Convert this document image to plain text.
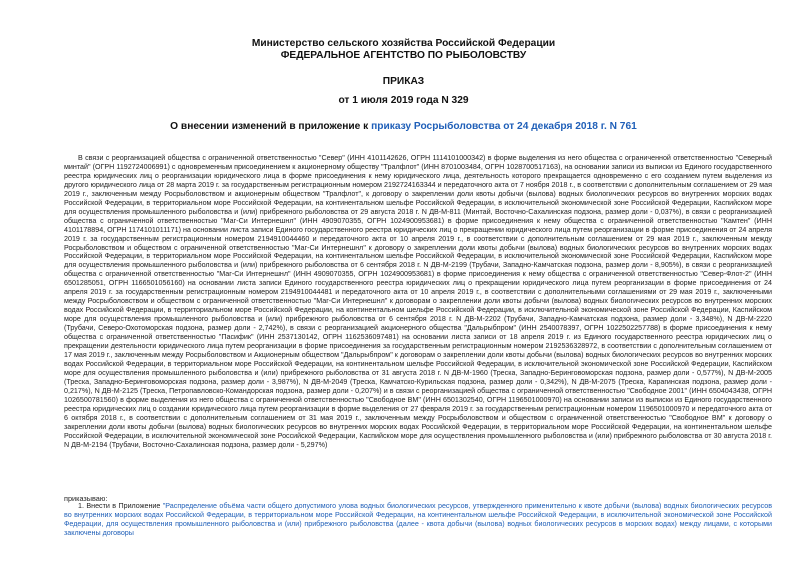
Министерство сельского хозяйства Российской Федерации
ФЕДЕРАЛЬНОЕ АГЕНТСТВО ПО РЫБОЛОВСТВУ
ПРИКАЗ
от 1 июля 2019 года N 329
О внесении изменений в приложение к приказу Росрыболовства от 24 декабря 2018 г. N 761
В связи с реорганизацией общества с ограниченной ответственностью "Север" (ИНН 4101142626, ОГРН 1114101000342) в форме выделения из него общества с ограниченной ответственностью "Северный минтай" (ОГРН 1192724006991) с одновременным присоединением к акционерному обществу "Тралфлот" (ИНН 8701003484, ОГРН 1028700517163), на основании записи из выписки из Единого государственного реестра юридических лиц о реорганизации юридического лица в форме присоединения к нему юридического лица, деятельность которого прекращается одновременно с его созданием путем выделения из другого юридического лица от 28 марта 2019 г. за государственным регистрационным номером 2192724163344 и передаточного акта от 7 ноября 2018 г., в соответствии с дополнительным соглашением от 29 мая 2019 г., заключенным между Росрыболовством и акционерным обществом "Тралфлот", к договору о закреплении доли квоты добычи (вылова) водных биологических ресурсов во внутренних морских водах Российской Федерации, в территориальном море Российской Федерации, на континентальном шельфе Российской Федерации, в исключительной экономической зоне Российской Федерации, Каспийском море для осуществления промышленного рыболовства и (или) прибрежного рыболовства от 29 августа 2018 г. N ДВ-М-811 (Минтай, Восточно-Сахалинская подзона, размер доли - 0,037%), в связи с реорганизацией общества с ограниченной ответственностью "Маг-Си Интернешнл" (ИНН 4909070355, ОГРН 1024900953681) в форме присоединения к нему общества с ограниченной ответственностью "Камтен" (ИНН 4101178894, ОГРН 1174101011171) на основании листа записи Единого государственного реестра юридических лиц о прекращении юридического лица путем реорганизации в форме присоединения от 24 апреля 2019 г. за государственным регистрационным номером 2194910044460 и передаточного акта от 10 апреля 2019 г., в соответствии с дополнительным соглашением от 29 мая 2019 г., заключенным между Росрыболовством и обществом с ограниченной ответственностью "Маг-Си Интернешнл" к договору о закреплении доли квоты добычи (вылова) водных биологических ресурсов во внутренних морских водах Российской Федерации, в территориальном море Российской Федерации, на континентальном шельфе Российской Федерации, в исключительной экономической зоне Российской Федерации, Каспийском море для осуществления промышленного рыболовства и (или) прибрежного рыболовства от 6 сентября 2018 г. N ДВ-М-2199 (Трубачи, Западно-Камчатская подзона, размер доли - 8,905%), в связи с реорганизацией общества с ограниченной ответственностью "Маг-Си Интернешнл" (ИНН 4909070355, ОГРН 1024900953681) в форме присоединения к нему общества с ограниченной ответственностью "Север-Флот-2" (ИНН 6501285051, ОГРН 1166501056160) на основании листа записи Единого государственного реестра юридических лиц о прекращении юридического лица путем реорганизации в форме присоединения от 24 апреля 2019 г. за государственным регистрационным номером 2194910044481 и передаточного акта от 10 апреля 2019 г., в соответствии с дополнительными соглашениями от 29 мая 2019 г., заключенными между Росрыболовством и обществом с ограниченной ответственностью "Маг-Си Интернешнл" к договорам о закреплении доли квоты добычи (вылова) водных биологических ресурсов во внутренних морских водах Российской Федерации, в территориальном море Российской Федерации, на континентальном шельфе Российской Федерации, в исключительной экономической зоне Российской Федерации, Каспийском море для осуществления промышленного рыболовства и (или) прибрежного рыболовства от 6 сентября 2018 г. N ДВ-М-2202 (Трубачи, Западно-Камчатская подзона, размер доли - 3,348%), N ДВ-М-2220 (Трубачи, Северо-Охотоморская подзона, размер доли - 2,742%), в связи с реорганизацией акционерного общества "Дальрыбпром" (ИНН 2540078397, ОГРН 1022502257788) в форме присоединения к нему общества с ограниченной ответственностью "Пасифик" (ИНН 2537130142, ОГРН 1162536097481) на основании листа записи от 18 апреля 2019 г. из Единого государственного реестра юридических лиц о прекращении деятельности юридического лица путем реорганизации в форме присоединения за государственным регистрационным номером 2192536328972, в соответствии с дополнительным соглашением от 17 мая 2019 г., заключенным между Росрыболовством и Акционерным обществом "Дальрыбпром" к договорам о закреплении доли квоты добычи (вылова) водных биологических ресурсов во внутренних морских водах Российской Федерации, в территориальном море Российской Федерации, на континентальном шельфе Российской Федерации, в исключительной экономической зоне Российской Федерации, Каспийском море для осуществления промышленного рыболовства и (или) прибрежного рыболовства от 31 августа 2018 г. N ДВ-М-1960 (Треска, Западно-Беринговоморская подзона, размер доли - 0,577%), N ДВ-М-2005 (Треска, Западно-Беринговоморская подзона, размер доли - 3,987%), N ДВ-М-2049 (Треска, Камчатско-Курильская подзона, размер доли - 0,342%), N ДВ-М-2075 (Треска, Карагинская подзона, размер доли - 0,217%), N ДВ-М-2125 (Треска, Петропавловско-Командорская подзона, размер доли - 0,207%) и в связи с реорганизацией общества с ограниченной ответственностью "Свободное 2001" (ИНН 6504043438, ОГРН 1026500781560) в форме выделения из него общества с ограниченной ответственностью "Свободное ВМ" (ИНН 6501302540, ОГРН 1196501000970) на основании записи из выписки из Единого государственного реестра юридических лиц о создании юридического лица путем реорганизации в форме выделения от 27 февраля 2019 г. за государственным регистрационным номером 1196501000970 и передаточного акта от 6 октября 2018 г., в соответствии с дополнительным соглашением от 31 мая 2019 г., заключенным между Росрыболовством и обществом с ограниченной ответственностью "Свободное ВМ" к договору о закреплении доли квоты добычи (вылова) водных биологических ресурсов во внутренних морских водах Российской Федерации, в территориальном море Российской Федерации, на континентальном шельфе Российской Федерации, в исключительной экономической зоне Российской Федерации, Каспийском море для осуществления промышленного рыболовства и (или) прибрежного рыболовства от 30 августа 2018 г. N ДВ-М-2194 (Трубачи, Восточно-Сахалинская подзона, размер доли - 5,297%)
приказываю:
1. Внести в Приложение "Распределение объёма части общего допустимого улова водных биологических ресурсов, утвержденного применительно к квоте добычи (вылова) водных биологических ресурсов во внутренних морских водах Российской Федерации, в территориальном море Российской Федерации, на континентальном шельфе Российской Федерации, в исключительной экономической зоне Российской Федерации, для осуществления промышленного рыболовства и (или) прибрежного рыболовства (далее - квота добычи (вылова) водных биологических ресурсов в морских водах) между лицами, с которыми заключены договоры
